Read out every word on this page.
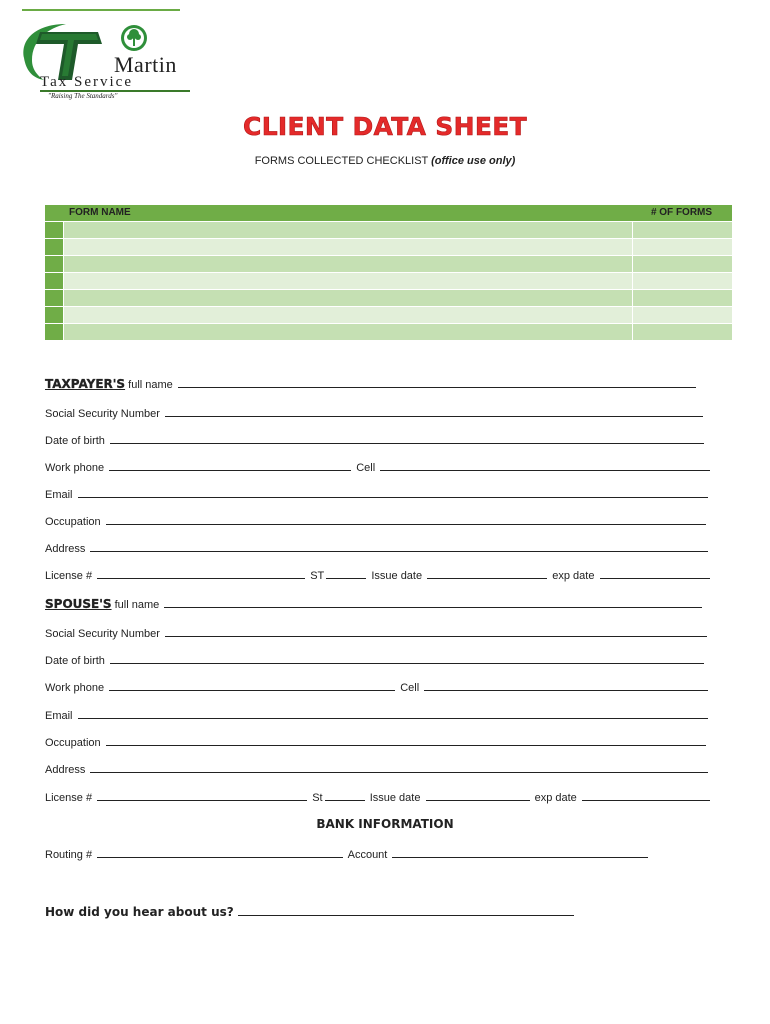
Martin
Tax Service
"Raising The Standards"
CLIENT DATA SHEET
FORMS COLLECTED CHECKLIST (office use only)
FORM NAME	# OF FORMS
TAXPAYER'S full name
Social Security Number
Date of birth
Work phone	Cell
Email
Occupation
Address
License #	ST	Issue date	exp date
SPOUSE'S full name
Social Security Number
Date of birth
Work phone	Cell
Email
Occupation
Address
License #	St	Issue date	exp date
BANK INFORMATION
Routing #	Account
How did you hear about us?
